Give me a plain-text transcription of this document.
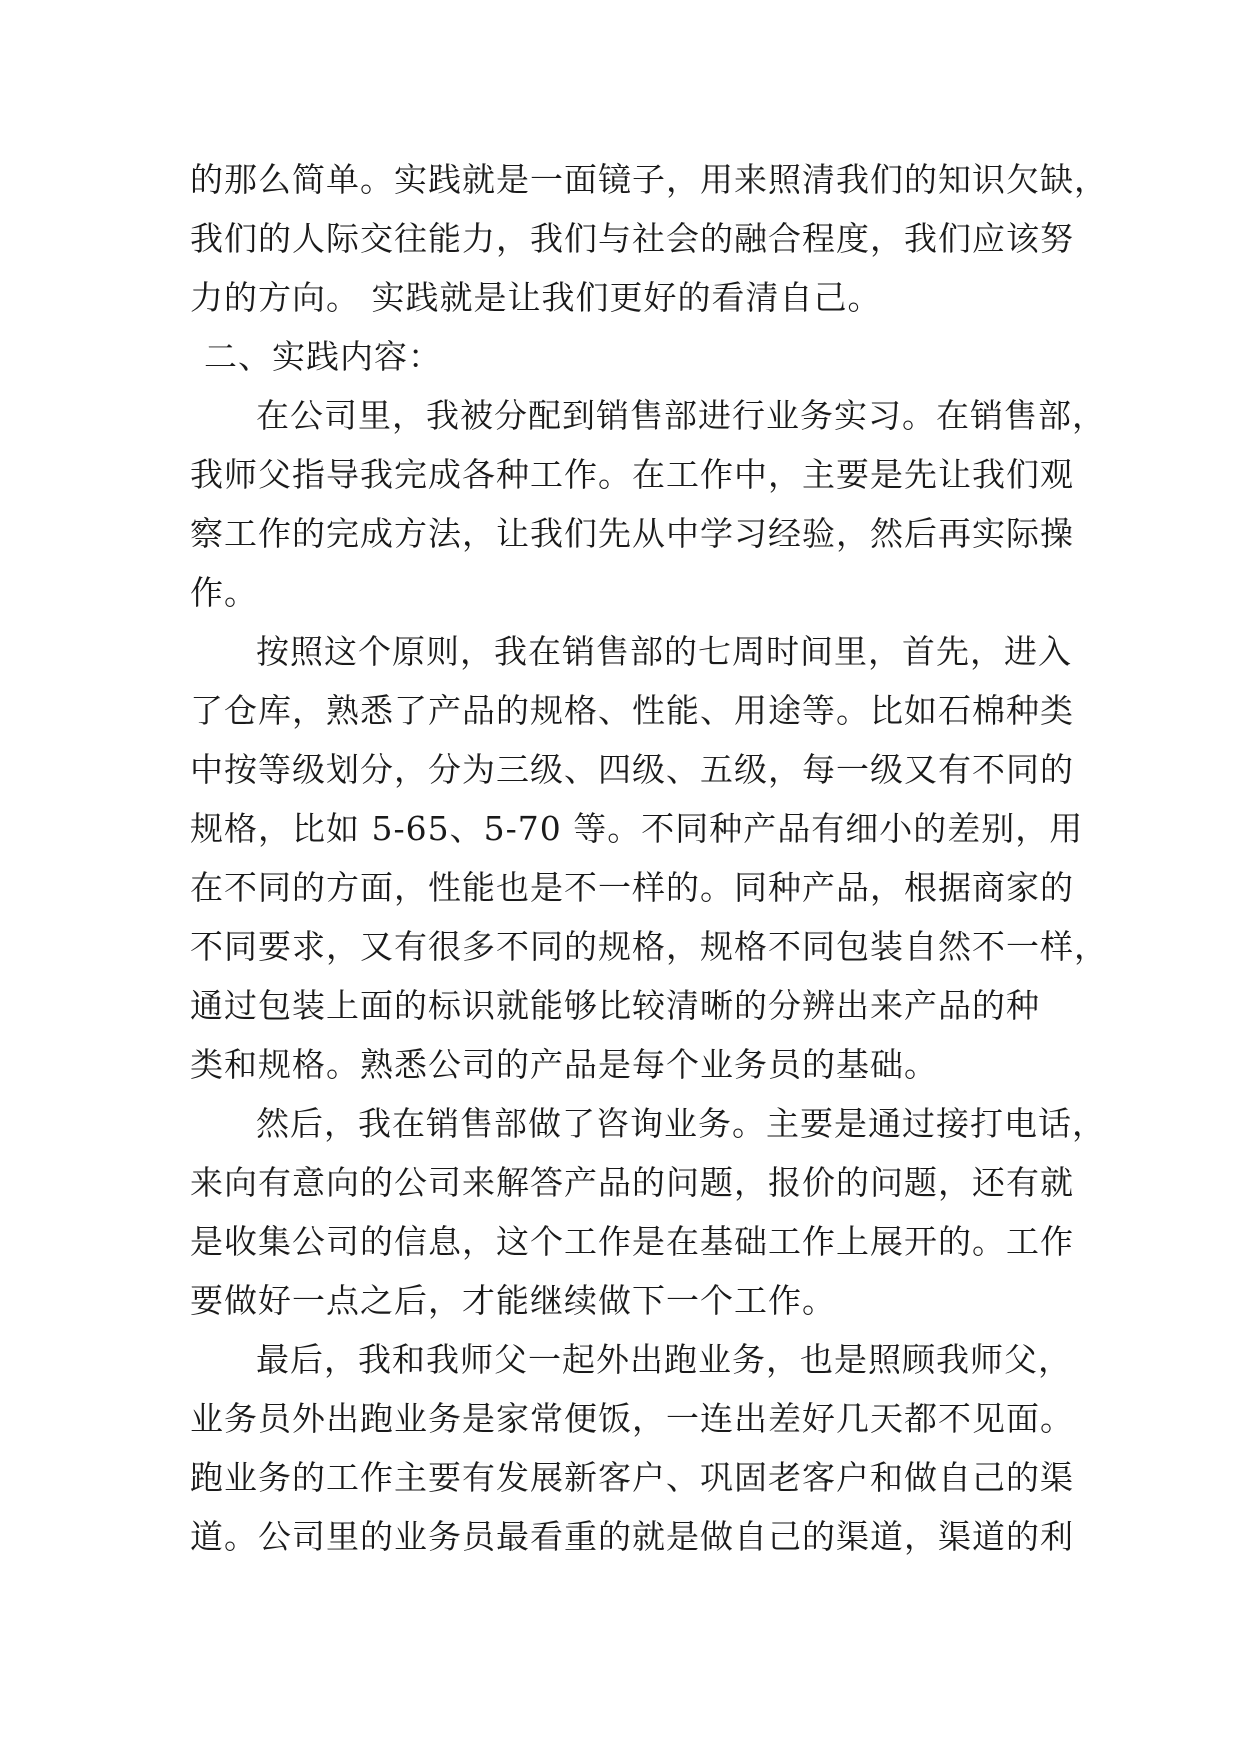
的那么简单。实践就是一面镜子，用来照清我们的知识欠缺，
我们的人际交往能力，我们与社会的融合程度，我们应该努
力的方向。 实践就是让我们更好的看清自己。
二、实践内容：
在公司里，我被分配到销售部进行业务实习。在销售部，
我师父指导我完成各种工作。在工作中，主要是先让我们观
察工作的完成方法，让我们先从中学习经验，然后再实际操
作。
按照这个原则，我在销售部的七周时间里，首先，进入
了仓库，熟悉了产品的规格、性能、用途等。比如石棉种类
中按等级划分，分为三级、四级、五级，每一级又有不同的
规格，比如 5-65、5-70 等。不同种产品有细小的差别，用
在不同的方面，性能也是不一样的。同种产品，根据商家的
不同要求，又有很多不同的规格，规格不同包装自然不一样，
通过包装上面的标识就能够比较清晰的分辨出来产品的种
类和规格。熟悉公司的产品是每个业务员的基础。
然后，我在销售部做了咨询业务。主要是通过接打电话，
来向有意向的公司来解答产品的问题，报价的问题，还有就
是收集公司的信息，这个工作是在基础工作上展开的。工作
要做好一点之后，才能继续做下一个工作。
最后，我和我师父一起外出跑业务，也是照顾我师父，
业务员外出跑业务是家常便饭，一连出差好几天都不见面。
跑业务的工作主要有发展新客户、巩固老客户和做自己的渠
道。公司里的业务员最看重的就是做自己的渠道，渠道的利
